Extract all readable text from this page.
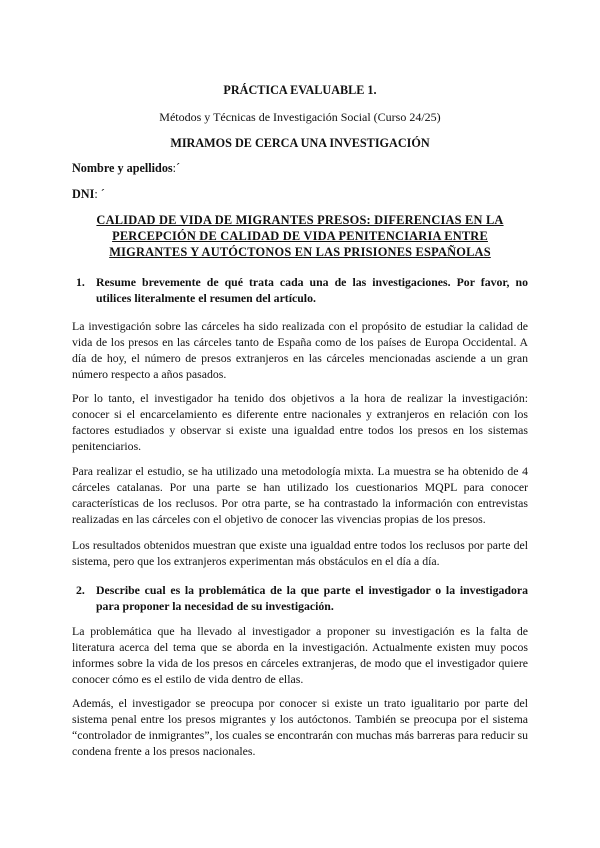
PRÁCTICA EVALUABLE 1.
Métodos y Técnicas de Investigación Social (Curso 24/25)
MIRAMOS DE CERCA UNA INVESTIGACIÓN
Nombre y apellidos:´
DNI: ´
CALIDAD DE VIDA DE MIGRANTES PRESOS: DIFERENCIAS EN LA PERCEPCIÓN DE CALIDAD DE VIDA PENITENCIARIA ENTRE MIGRANTES Y AUTÓCTONOS EN LAS PRISIONES ESPAÑOLAS
1. Resume brevemente de qué trata cada una de las investigaciones. Por favor, no utilices literalmente el resumen del artículo.

La investigación sobre las cárceles ha sido realizada con el propósito de estudiar la calidad de vida de los presos en las cárceles tanto de España como de los países de Europa Occidental. A día de hoy, el número de presos extranjeros en las cárceles mencionadas asciende a un gran número respecto a años pasados.

Por lo tanto, el investigador ha tenido dos objetivos a la hora de realizar la investigación: conocer si el encarcelamiento es diferente entre nacionales y extranjeros en relación con los factores estudiados y observar si existe una igualdad entre todos los presos en los sistemas penitenciarios.

Para realizar el estudio, se ha utilizado una metodología mixta. La muestra se ha obtenido de 4 cárceles catalanas. Por una parte se han utilizado los cuestionarios MQPL para conocer características de los reclusos. Por otra parte, se ha contrastado la información con entrevistas realizadas en las cárceles con el objetivo de conocer las vivencias propias de los presos.

Los resultados obtenidos muestran que existe una igualdad entre todos los reclusos por parte del sistema, pero que los extranjeros experimentan más obstáculos en el día a día.

2. Describe cual es la problemática de la que parte el investigador o la investigadora para proponer la necesidad de su investigación.

La problemática que ha llevado al investigador a proponer su investigación es la falta de literatura acerca del tema que se aborda en la investigación. Actualmente existen muy pocos informes sobre la vida de los presos en cárceles extranjeras, de modo que el investigador quiere conocer cómo es el estilo de vida dentro de ellas.

Además, el investigador se preocupa por conocer si existe un trato igualitario por parte del sistema penal entre los presos migrantes y los autóctonos. También se preocupa por el sistema “controlador de inmigrantes”, los cuales se encontrarán con muchas más barreras para reducir su condena frente a los presos nacionales.
